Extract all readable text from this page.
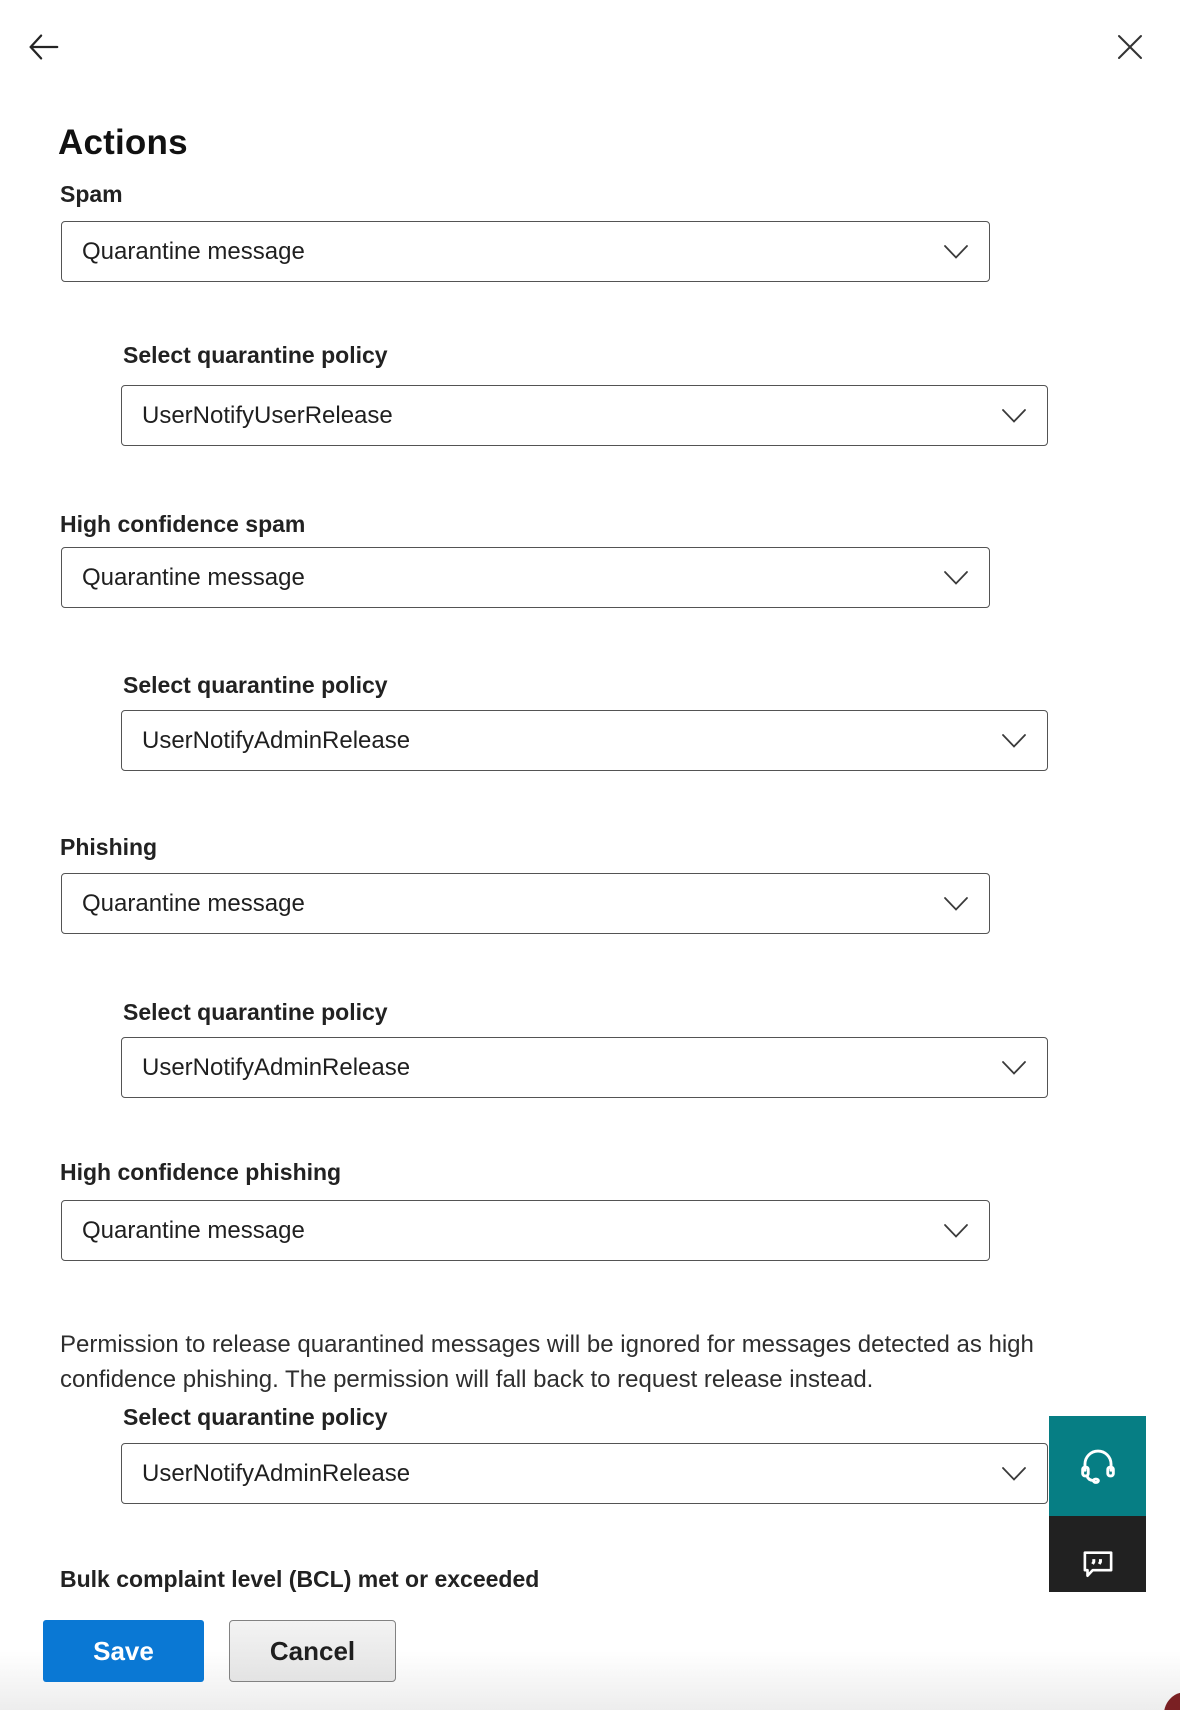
Actions
Spam
Quarantine message
Select quarantine policy
UserNotifyUserRelease
High confidence spam
Quarantine message
Select quarantine policy
UserNotifyAdminRelease
Phishing
Quarantine message
Select quarantine policy
UserNotifyAdminRelease
High confidence phishing
Quarantine message

Permission to release quarantined messages will be ignored for messages detected as high confidence phishing. The permission will fall back to request release instead.

Select quarantine policy
UserNotifyAdminRelease
Bulk complaint level (BCL) met or exceeded
Save	Cancel
